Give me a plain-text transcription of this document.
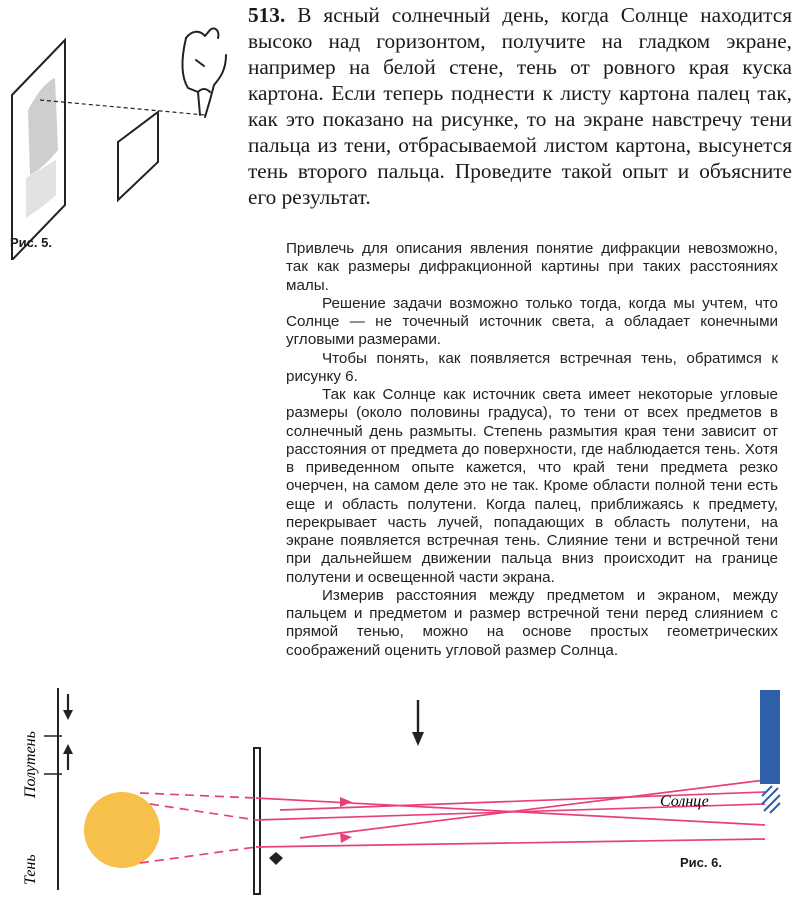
Рис. 5.

513. В ясный солнечный день, когда Солнце находится высоко над горизонтом, получите на гладком экране, например на белой стене, тень от ровного края куска картона. Если теперь поднести к листу картона палец так, как это показано на рисунке, то на экране навстречу тени пальца из тени, отбрасываемой листом картона, высунется тень второго пальца. Проведите такой опыт и объясните его результат.

Привлечь для описания явления понятие дифракции невозможно, так как размеры дифракционной картины при таких расстояниях малы.

Решение задачи возможно только тогда, когда мы учтем, что Солнце — не точечный источник света, а обладает конечными угловыми размерами.

Чтобы понять, как появляется встречная тень, обратимся к рисунку 6.

Так как Солнце как источник света имеет некоторые угловые размеры (около половины градуса), то тени от всех предметов в солнечный день размыты. Степень размытия края тени зависит от расстояния от предмета до поверхности, где наблюдается тень. Хотя в приведенном опыте кажется, что край тени предмета резко очерчен, на самом деле это не так. Кроме области полной тени есть еще и область полутени. Когда палец, приближаясь к предмету, перекрывает часть лучей, попадающих в область полутени, на экране появляется встречная тень. Слияние тени и встречной тени при дальнейшем движении пальца вниз происходит на границе полутени и освещенной части экрана.

Измерив расстояния между предметом и экраном, между пальцем и предметом и размер встречной тени перед слиянием с прямой тенью, можно на основе простых геометрических соображений оценить угловой размер Солнца.

Полутень
Тень
Солнце
Рис. 6.
